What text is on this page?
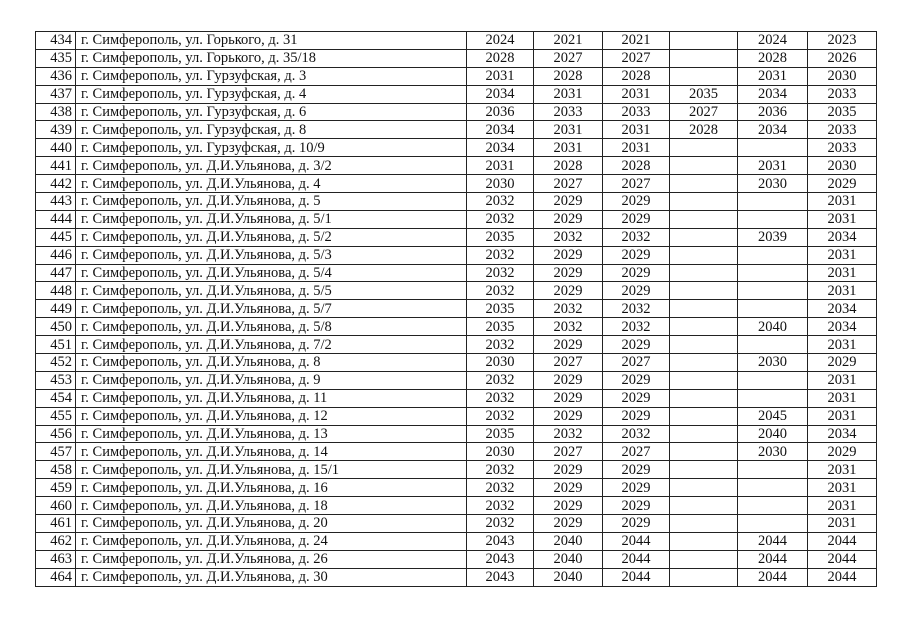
434	г. Симферополь, ул. Горького, д. 31	2024	2021	2021		2024	2023
435	г. Симферополь, ул. Горького, д. 35/18	2028	2027	2027		2028	2026
436	г. Симферополь, ул. Гурзуфская, д. 3	2031	2028	2028		2031	2030
437	г. Симферополь, ул. Гурзуфская, д. 4	2034	2031	2031	2035	2034	2033
438	г. Симферополь, ул. Гурзуфская, д. 6	2036	2033	2033	2027	2036	2035
439	г. Симферополь, ул. Гурзуфская, д. 8	2034	2031	2031	2028	2034	2033
440	г. Симферополь, ул. Гурзуфская, д. 10/9	2034	2031	2031			2033
441	г. Симферополь, ул. Д.И.Ульянова, д. 3/2	2031	2028	2028		2031	2030
442	г. Симферополь, ул. Д.И.Ульянова, д. 4	2030	2027	2027		2030	2029
443	г. Симферополь, ул. Д.И.Ульянова, д. 5	2032	2029	2029			2031
444	г. Симферополь, ул. Д.И.Ульянова, д. 5/1	2032	2029	2029			2031
445	г. Симферополь, ул. Д.И.Ульянова, д. 5/2	2035	2032	2032		2039	2034
446	г. Симферополь, ул. Д.И.Ульянова, д. 5/3	2032	2029	2029			2031
447	г. Симферополь, ул. Д.И.Ульянова, д. 5/4	2032	2029	2029			2031
448	г. Симферополь, ул. Д.И.Ульянова, д. 5/5	2032	2029	2029			2031
449	г. Симферополь, ул. Д.И.Ульянова, д. 5/7	2035	2032	2032			2034
450	г. Симферополь, ул. Д.И.Ульянова, д. 5/8	2035	2032	2032		2040	2034
451	г. Симферополь, ул. Д.И.Ульянова, д. 7/2	2032	2029	2029			2031
452	г. Симферополь, ул. Д.И.Ульянова, д. 8	2030	2027	2027		2030	2029
453	г. Симферополь, ул. Д.И.Ульянова, д. 9	2032	2029	2029			2031
454	г. Симферополь, ул. Д.И.Ульянова, д. 11	2032	2029	2029			2031
455	г. Симферополь, ул. Д.И.Ульянова, д. 12	2032	2029	2029		2045	2031
456	г. Симферополь, ул. Д.И.Ульянова, д. 13	2035	2032	2032		2040	2034
457	г. Симферополь, ул. Д.И.Ульянова, д. 14	2030	2027	2027		2030	2029
458	г. Симферополь, ул. Д.И.Ульянова, д. 15/1	2032	2029	2029			2031
459	г. Симферополь, ул. Д.И.Ульянова, д. 16	2032	2029	2029			2031
460	г. Симферополь, ул. Д.И.Ульянова, д. 18	2032	2029	2029			2031
461	г. Симферополь, ул. Д.И.Ульянова, д. 20	2032	2029	2029			2031
462	г. Симферополь, ул. Д.И.Ульянова, д. 24	2043	2040	2044		2044	2044
463	г. Симферополь, ул. Д.И.Ульянова, д. 26	2043	2040	2044		2044	2044
464	г. Симферополь, ул. Д.И.Ульянова, д. 30	2043	2040	2044		2044	2044
